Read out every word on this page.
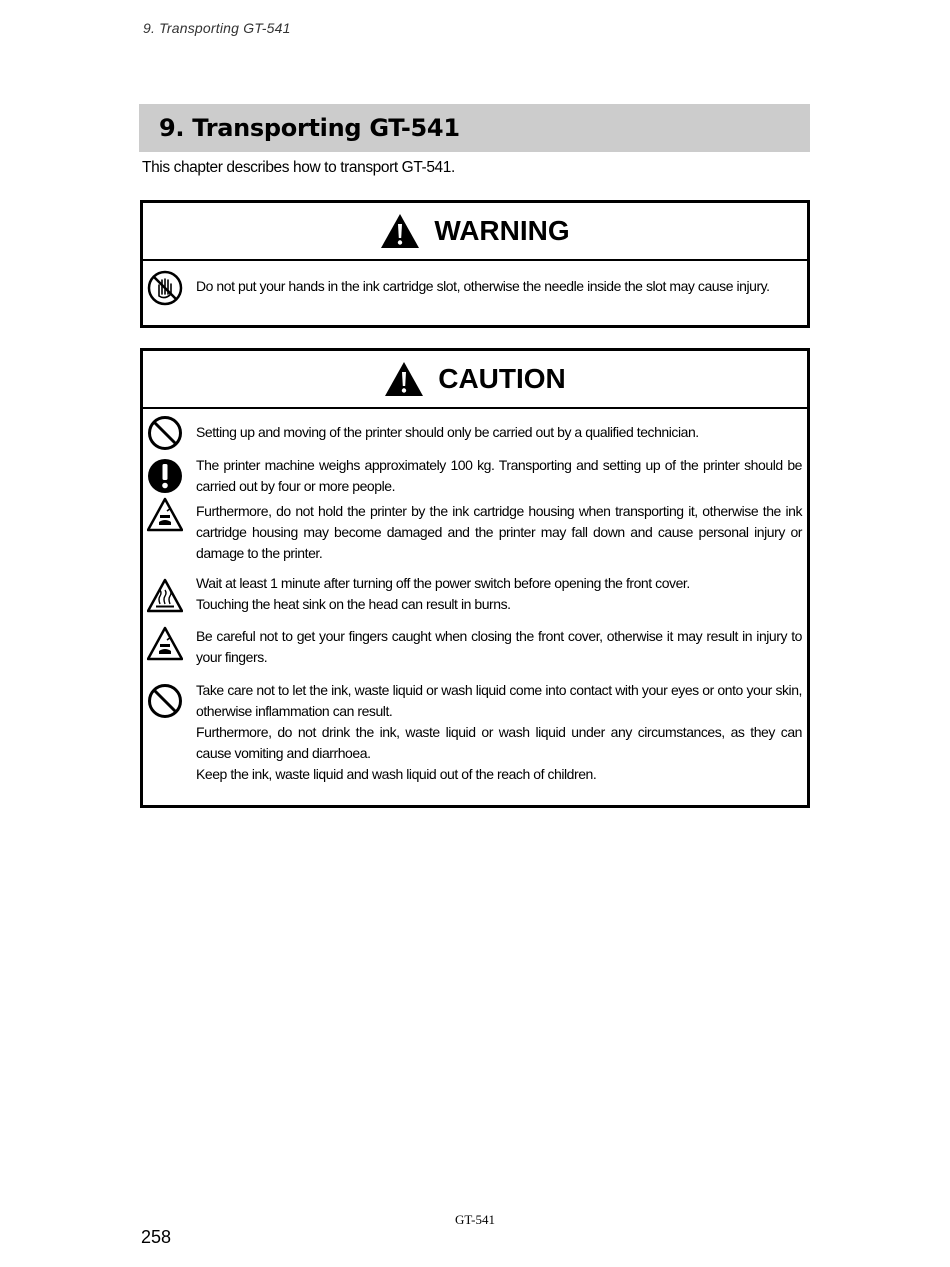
9. Transporting GT-541
9. Transporting GT-541
This chapter describes how to transport GT-541.
WARNING
Do not put your hands in the ink cartridge slot, otherwise the needle inside the slot may cause injury.
CAUTION
Setting up and moving of the printer should only be carried out by a qualified technician.
The printer machine weighs approximately 100 kg. Transporting and setting up of the printer should be carried out by four or more people.
Furthermore, do not hold the printer by the ink cartridge housing when transporting it, otherwise the ink cartridge housing may become damaged and the printer may fall down and cause personal injury or damage to the printer.
Wait at least 1 minute after turning off the power switch before opening the front cover.
Touching the heat sink on the head can result in burns.
Be careful not to get your fingers caught when closing the front cover, otherwise it may result in injury to your fingers.
Take care not to let the ink, waste liquid or wash liquid come into contact with your eyes or onto your skin, otherwise inflammation can result.
Furthermore, do not drink the ink, waste liquid or wash liquid under any circumstances, as they can cause vomiting and diarrhoea.
Keep the ink, waste liquid and wash liquid out of the reach of children.
GT-541
258
